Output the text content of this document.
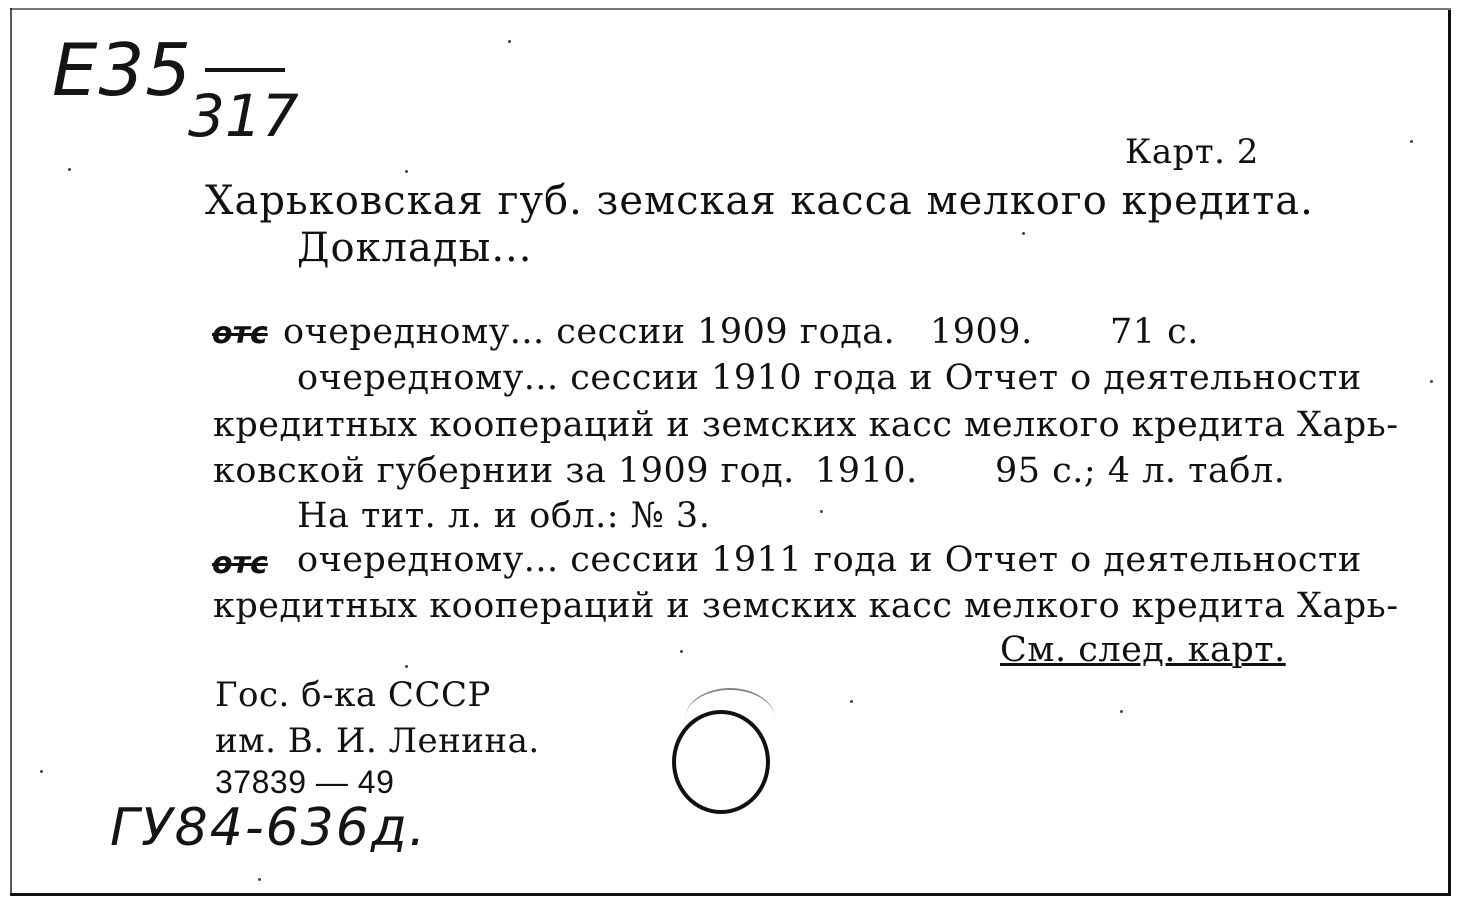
E35
317
Карт. 2
Харьковская губ. земская касса мелкого кредита.
Доклады...
отс очередному... сессии 1909 года. 1909. 71 с.
очередному... сессии 1910 года и Отчет о деятельности
кредитных коопераций и земских касс мелкого кредита Харь-
ковской губернии за 1909 год. 1910. 95 с.; 4 л. табл.
На тит. л. и обл.: № 3.
отс очередному... сессии 1911 года и Отчет о деятельности
кредитных коопераций и земских касс мелкого кредита Харь-
См. след. карт.
Гос. б-ка СССР
им. В. И. Ленина.
37839 — 49
ГУ84-636д.
